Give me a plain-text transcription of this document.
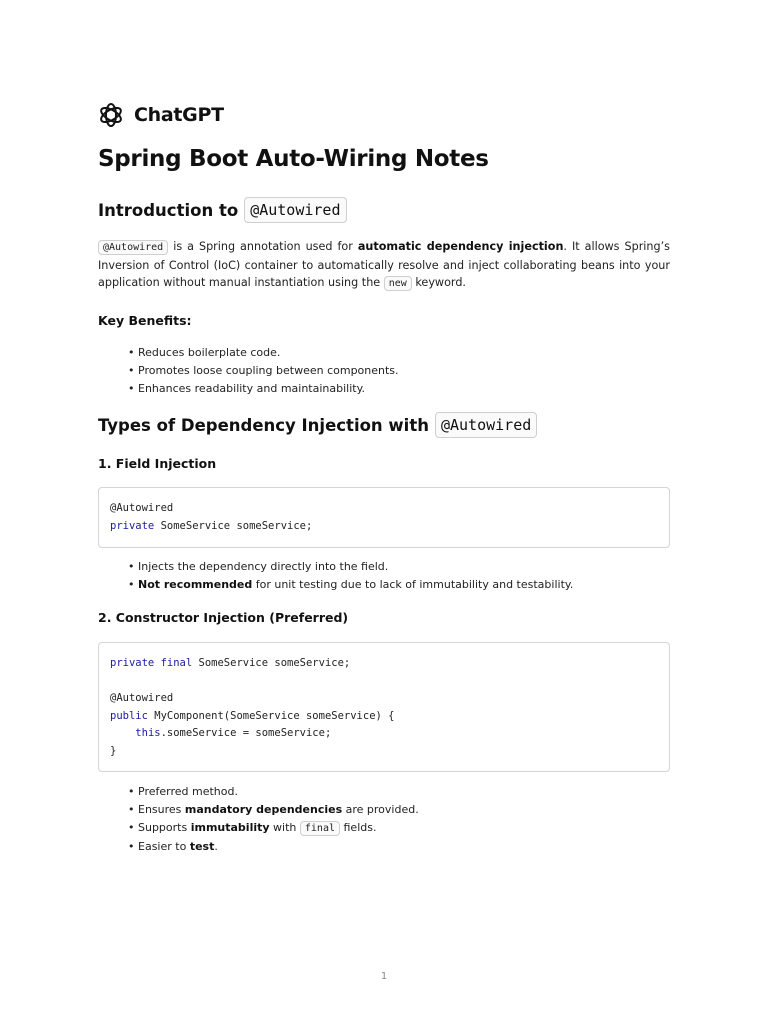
ChatGPT
Spring Boot Auto-Wiring Notes
Introduction to @Autowired

@Autowired is a Spring annotation used for automatic dependency injection. It allows Spring’s Inversion of Control (IoC) container to automatically resolve and inject collaborating beans into your application without manual instantiation using the new keyword.

Key Benefits:
• Reduces boilerplate code.
• Promotes loose coupling between components.
• Enhances readability and maintainability.
Types of Dependency Injection with @Autowired
1. Field Injection
@Autowired
private SomeService someService;
• Injects the dependency directly into the field.
• Not recommended for unit testing due to lack of immutability and testability.
2. Constructor Injection (Preferred)
private final SomeService someService;

@Autowired
public MyComponent(SomeService someService) {
this.someService = someService;
}
• Preferred method.
• Ensures mandatory dependencies are provided.
• Supports immutability with final fields.
• Easier to test.
1
